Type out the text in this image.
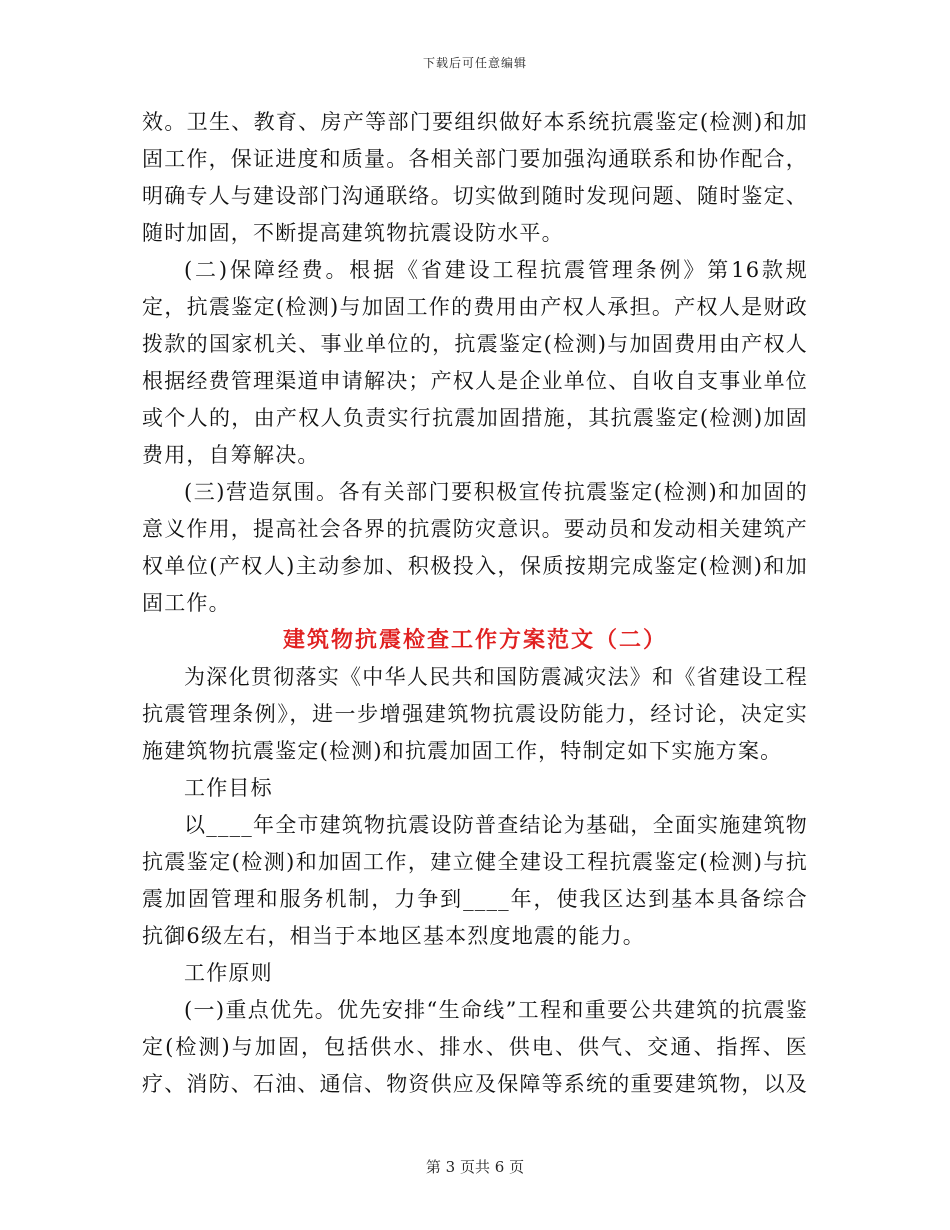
下载后可任意编辑

效。卫生、教育、房产等部门要组织做好本系统抗震鉴定(检测)和加固工作，保证进度和质量。各相关部门要加强沟通联系和协作配合，明确专人与建设部门沟通联络。切实做到随时发现问题、随时鉴定、随时加固，不断提高建筑物抗震设防水平。

(二)保障经费。根据《省建设工程抗震管理条例》第16款规定，抗震鉴定(检测)与加固工作的费用由产权人承担。产权人是财政拨款的国家机关、事业单位的，抗震鉴定(检测)与加固费用由产权人根据经费管理渠道申请解决；产权人是企业单位、自收自支事业单位或个人的，由产权人负责实行抗震加固措施，其抗震鉴定(检测)加固费用，自筹解决。

(三)营造氛围。各有关部门要积极宣传抗震鉴定(检测)和加固的意义作用，提高社会各界的抗震防灾意识。要动员和发动相关建筑产权单位(产权人)主动参加、积极投入，保质按期完成鉴定(检测)和加固工作。

建筑物抗震检查工作方案范文（二）

为深化贯彻落实《中华人民共和国防震减灾法》和《省建设工程抗震管理条例》，进一步增强建筑物抗震设防能力，经讨论，决定实施建筑物抗震鉴定(检测)和抗震加固工作，特制定如下实施方案。

工作目标

以____年全市建筑物抗震设防普查结论为基础，全面实施建筑物抗震鉴定(检测)和加固工作，建立健全建设工程抗震鉴定(检测)与抗震加固管理和服务机制，力争到____年，使我区达到基本具备综合抗御6级左右，相当于本地区基本烈度地震的能力。

工作原则

(一)重点优先。优先安排“生命线”工程和重要公共建筑的抗震鉴定(检测)与加固，包括供水、排水、供电、供气、交通、指挥、医疗、消防、石油、通信、物资供应及保障等系统的重要建筑物，以及

第 3 页共 6 页
